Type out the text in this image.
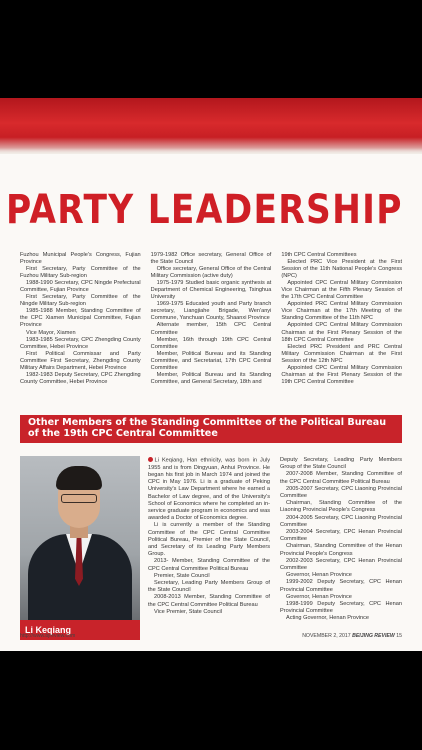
PARTY LEADERSHIP

Fuzhou Municipal People's Congress, Fujian Province

First Secretary, Party Committee of the Fuzhou Military Sub-region

1988-1990 Secretary, CPC Ningde Prefectural Committee, Fujian Province

First Secretary, Party Committee of the Ningde Military Sub-region

1985-1988 Member, Standing Committee of the CPC Xiamen Municipal Committee, Fujian Province

Vice Mayor, Xiamen

1983-1985 Secretary, CPC Zhengding County Committee, Hebei Province

First Political Commissar and Party Committee First Secretary, Zhengding County Military Affairs Department, Hebei Province

1982-1983 Deputy Secretary, CPC Zhengding County Committee, Hebei Province

1979-1982 Office secretary, General Office of the State Council

Office secretary, General Office of the Central Military Commission (active duty)

1975-1979 Studied basic organic synthesis at Department of Chemical Engineering, Tsinghua University

1969-1975 Educated youth and Party branch secretary, Liangjiahe Brigade, Wen'anyi Commune, Yanchuan County, Shaanxi Province

Alternate member, 15th CPC Central Committee

Member, 16th through 19th CPC Central Committee

Member, Political Bureau and its Standing Committee, and Secretariat, 17th CPC Central Committee

Member, Political Bureau and its Standing Committee, and General Secretary, 18th and

19th CPC Central Committees

Elected PRC Vice President at the First Session of the 11th National People's Congress (NPC)

Appointed CPC Central Military Commission Vice Chairman at the Fifth Plenary Session of the 17th CPC Central Committee

Appointed PRC Central Military Commission Vice Chairman at the 17th Meeting of the Standing Committee of the 11th NPC

Appointed CPC Central Military Commission Chairman at the First Plenary Session of the 18th CPC Central Committee

Elected PRC President and PRC Central Military Commission Chairman at the First Session of the 12th NPC

Appointed CPC Central Military Commission Chairman at the First Plenary Session of the 19th CPC Central Committee

Other Members of the Standing Committee of the Political Bureau of the 19th CPC Central Committee
Li Keqiang

Li Keqiang, Han ethnicity, was born in July 1955 and is from Dingyuan, Anhui Province. He began his first job in March 1974 and joined the CPC in May 1976. Li is a graduate of Peking University's Law Department where he earned a Bachelor of Law degree, and of the University's School of Economics where he completed an in-service graduate program in economics and was awarded a Doctor of Economics degree.

Li is currently a member of the Standing Committee of the CPC Central Committee Political Bureau, Premier of the State Council, and Secretary of its Leading Party Members Group.

2013- Member, Standing Committee of the CPC Central Committee Political Bureau

Premier, State Council

Secretary, Leading Party Members Group of the State Council

2008-2013 Member, Standing Committee of the CPC Central Committee Political Bureau

Vice Premier, State Council

Deputy Secretary, Leading Party Members Group of the State Council

2007-2008 Member, Standing Committee of the CPC Central Committee Political Bureau

2005-2007 Secretary, CPC Liaoning Provincial Committee

Chairman, Standing Committee of the Liaoning Provincial People's Congress

2004-2005 Secretary, CPC Liaoning Provincial Committee

2003-2004 Secretary, CPC Henan Provincial Committee

Chairman, Standing Committee of the Henan Provincial People's Congress

2002-2003 Secretary, CPC Henan Provincial Committee

Governor, Henan Province

1999-2002 Deputy Secretary, CPC Henan Provincial Committee

Governor, Henan Province

1998-1999 Deputy Secretary, CPC Henan Provincial Committee

Acting Governor, Henan Province

http://www.bjreview.com	NOVEMBER 2, 2017 BEIJING REVIEW 15
